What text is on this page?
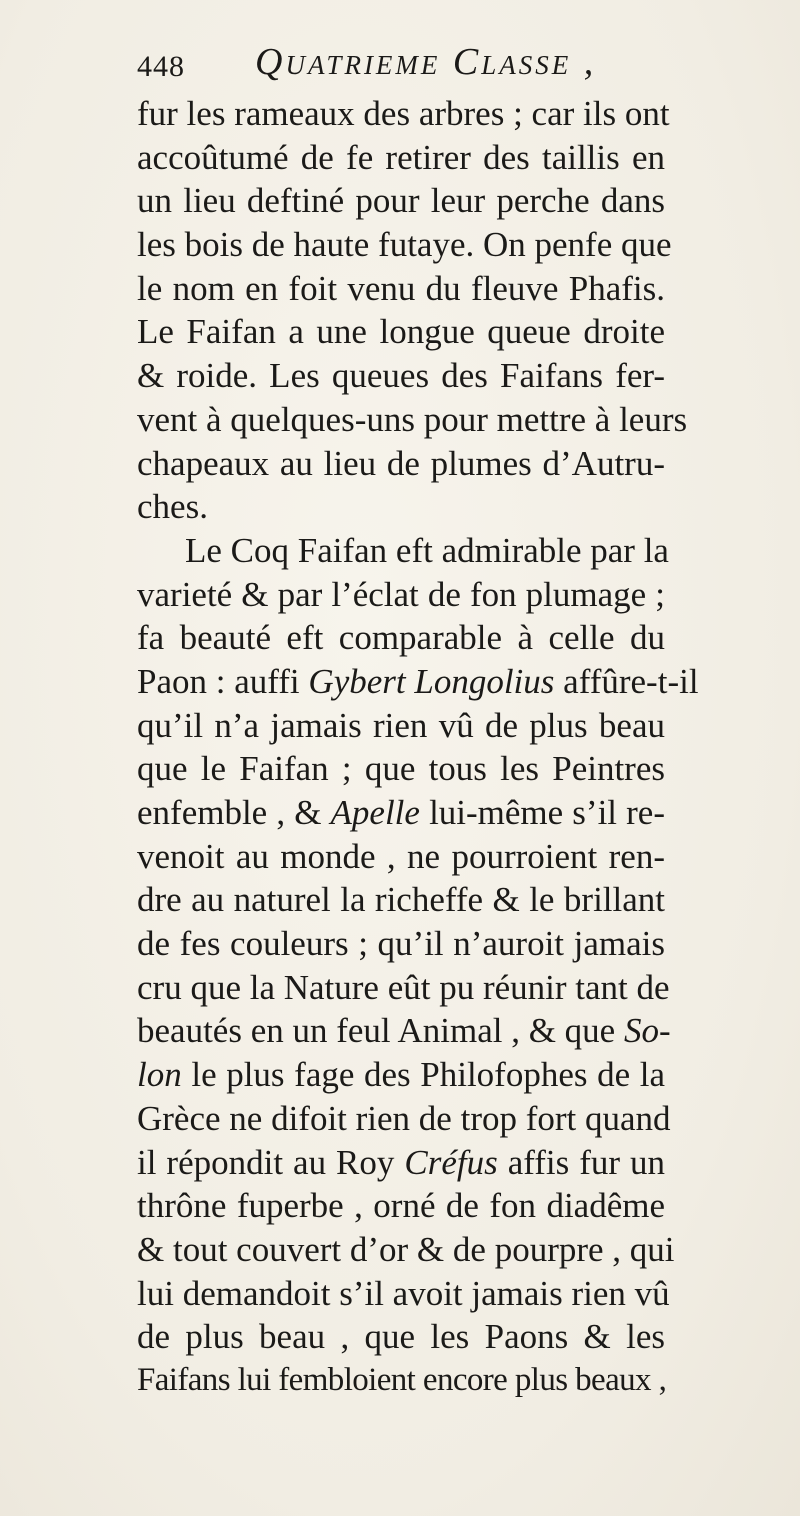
448 Quatrieme Classe ,
fur les rameaux des arbres ; car ils ont
accoûtumé de fe retirer des taillis en
un lieu deftiné pour leur perche dans
les bois de haute futaye. On penfe que
le nom en foit venu du fleuve Phafis.
Le Faifan a une longue queue droite
& roide. Les queues des Faifans fer-
vent à quelques-uns pour mettre à leurs
chapeaux au lieu de plumes d’Autru-
ches.
Le Coq Faifan eft admirable par la
varieté & par l’éclat de fon plumage ;
fa beauté eft comparable à celle du
Paon : auffi Gybert Longolius affûre-t-il
qu’il n’a jamais rien vû de plus beau
que le Faifan ; que tous les Peintres
enfemble , & Apelle lui-même s’il re-
venoit au monde , ne pourroient ren-
dre au naturel la richeffe & le brillant
de fes couleurs ; qu’il n’auroit jamais
cru que la Nature eût pu réunir tant de
beautés en un feul Animal , & que So-
lon le plus fage des Philofophes de la
Grèce ne difoit rien de trop fort quand
il répondit au Roy Créfus affis fur un
thrône fuperbe , orné de fon diadême
& tout couvert d’or & de pourpre , qui
lui demandoit s’il avoit jamais rien vû
de plus beau , que les Paons & les
Faifans lui fembloient encore plus beaux ,
